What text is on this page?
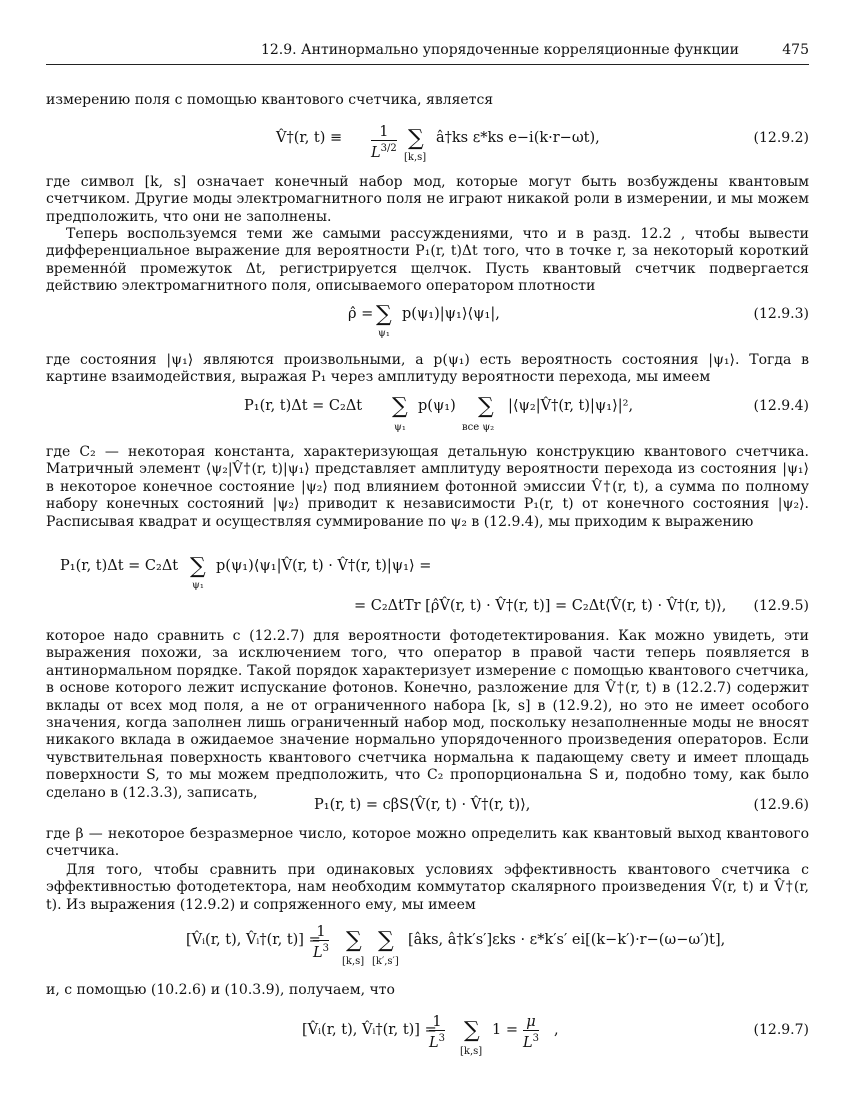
12.9. Антинормально упорядоченные корреляционные функции	475

измерению поля с помощью квантового счетчика, является

V̂†(r, $t) \equiv \frac{1}{L^{3/2}}$ ∑
[k,s]
â†ks ε*ks e−i(k·r−ωt),	(12.9.2)

где символ [k, s] означает конечный набор мод, которые могут быть возбуждены квантовым счетчиком. Другие моды электромагнитного поля не играют никакой роли в измерении, и мы можем предположить, что они не заполнены.

Теперь воспользуемся теми же самыми рассуждениями, что и в разд. 12.2 , чтобы вывести дифференциальное выражение для вероятности P₁(r, t)Δt того, что в точке r, за некоторый короткий временно́й промежуток Δt, регистрируется щелчок. Пусть квантовый счетчик подвергается действию электромагнитного поля, описываемого оператором плотности

ρ̂ = ∑
ψ₁
p(ψ₁)|ψ₁⟩⟨ψ₁|,	(12.9.3)

где состояния |ψ₁⟩ являются произвольными, а p(ψ₁) есть вероятность состояния |ψ₁⟩. Тогда в картине взаимодействия, выражая P₁ через амплитуду вероятности перехода, мы имеем

P₁(r, t)Δt = C₂Δt ∑
ψ₁
p(ψ₁) ∑
все ψ₂
|⟨ψ₂|V̂†(r, t)|ψ₁⟩|²,	(12.9.4)

где C₂ — некоторая константа, характеризующая детальную конструкцию квантового счетчика. Матричный элемент ⟨ψ₂|V̂†(r, t)|ψ₁⟩ представляет амплитуду вероятности перехода из состояния |ψ₁⟩ в некоторое конечное состояние |ψ₂⟩ под влиянием фотонной эмиссии V̂†(r, t), а сумма по полному набору конечных состояний |ψ₂⟩ приводит к независимости P₁(r, t) от конечного состояния |ψ₂⟩. Расписывая квадрат и осуществляя суммирование по ψ₂ в (12.9.4), мы приходим к выражению

P₁(r, t)Δt = C₂Δt ∑
ψ₁
p(ψ₁)⟨ψ₁|V̂(r, t) · V̂†(r, t)|ψ₁⟩ =
= C₂ΔtTr [ρ̂V̂(r, t) · V̂†(r, t)] = C₂Δt⟨V̂(r, t) · V̂†(r, t)⟩, (12.9.5)

которое надо сравнить с (12.2.7) для вероятности фотодетектирования. Как можно увидеть, эти выражения похожи, за исключением того, что оператор в правой части теперь появляется в антинормальном порядке. Такой порядок характеризует измерение с помощью квантового счетчика, в основе которого лежит испускание фотонов. Конечно, разложение для V̂†(r, t) в (12.2.7) содержит вклады от всех мод поля, а не от ограниченного набора [k, s] в (12.9.2), но это не имеет особого значения, когда заполнен лишь ограниченный набор мод, поскольку незаполненные моды не вносят никакого вклада в ожидаемое значение нормально упорядоченного произведения операторов. Если чувствительная поверхность квантового счетчика нормальна к падающему свету и имеет площадь поверхности S, то мы можем предположить, что C₂ пропорциональна S и, подобно тому, как было сделано в (12.3.3), записать,

P₁(r, t) = cβS⟨V̂(r, t) · V̂†(r, t)⟩,	(12.9.6)

где β — некоторое безразмерное число, которое можно определить как квантовый выход квантового счетчика.

Для того, чтобы сравнить при одинаковых условиях эффективность квантового счетчика с эффективностью фотодетектора, нам необходим коммутатор скалярного произведения V̂(r, t) и V̂†(r, t). Из выражения (12.9.2) и сопряженного ему, мы имеем

[V̂ᵢ(r, t), V̂ᵢ†(r, t)] =
$\frac{1}{L^3}$ ∑
[k,s]
∑
[k′,s′]
[âks, â†k′s′]εks · ε*k′s′ ei[(k−k′)·r−(ω−ω′)t],

и, с помощью (10.2.6) и (10.3.9), получаем, что

[V̂ᵢ(r, t), V̂ᵢ†(r, t)] =
$\frac{1}{L^3}$ ∑
[k,s]
$1 = \frac{\mu}{L^3}$ ,	(12.9.7)
